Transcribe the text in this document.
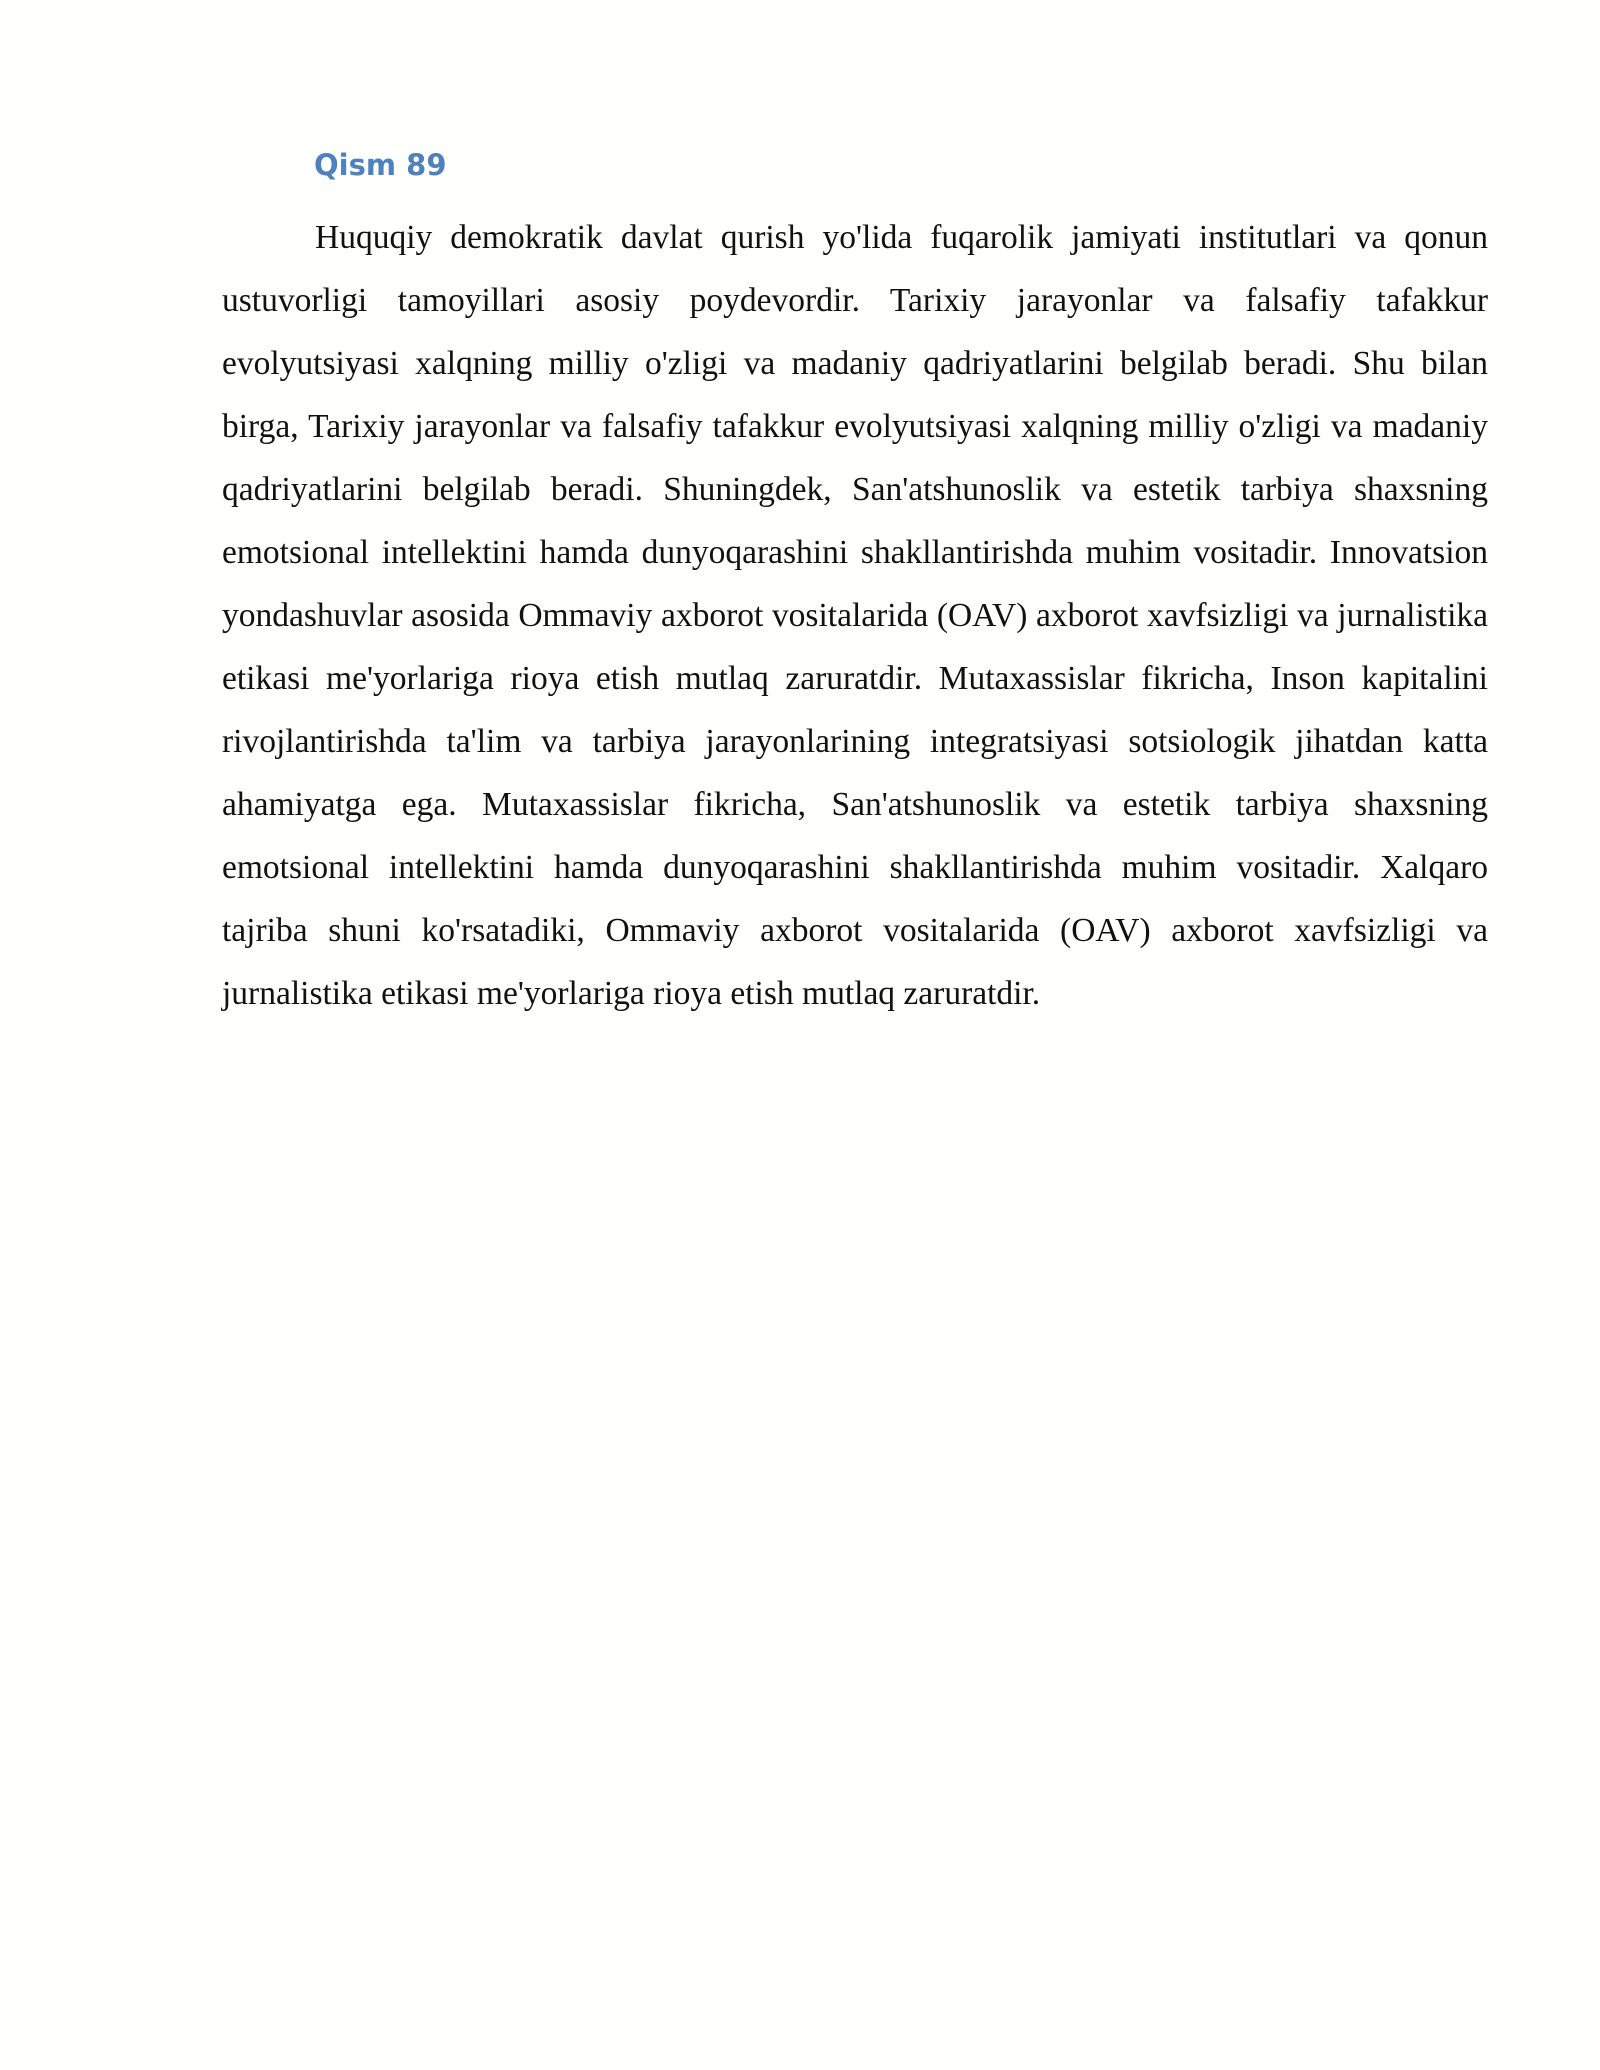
Qism 89

Huquqiy demokratik davlat qurish yo'lida fuqarolik jamiyati institutlari va qonun ustuvorligi tamoyillari asosiy poydevordir. Tarixiy jarayonlar va falsafiy tafakkur evolyutsiyasi xalqning milliy o'zligi va madaniy qadriyatlarini belgilab beradi. Shu bilan birga, Tarixiy jarayonlar va falsafiy tafakkur evolyutsiyasi xalqning milliy o'zligi va madaniy qadriyatlarini belgilab beradi. Shuningdek, San'atshunoslik va estetik tarbiya shaxsning emotsional intellektini hamda dunyoqarashini shakllantirishda muhim vositadir. Innovatsion yondashuvlar asosida Ommaviy axborot vositalarida (OAV) axborot xavfsizligi va jurnalistika etikasi me'yorlariga rioya etish mutlaq zaruratdir. Mutaxassislar fikricha, Inson kapitalini rivojlantirishda ta'lim va tarbiya jarayonlarining integratsiyasi sotsiologik jihatdan katta ahamiyatga ega. Mutaxassislar fikricha, San'atshunoslik va estetik tarbiya shaxsning emotsional intellektini hamda dunyoqarashini shakllantirishda muhim vositadir. Xalqaro tajriba shuni ko'rsatadiki, Ommaviy axborot vositalarida (OAV) axborot xavfsizligi va jurnalistika etikasi me'yorlariga rioya etish mutlaq zaruratdir.
